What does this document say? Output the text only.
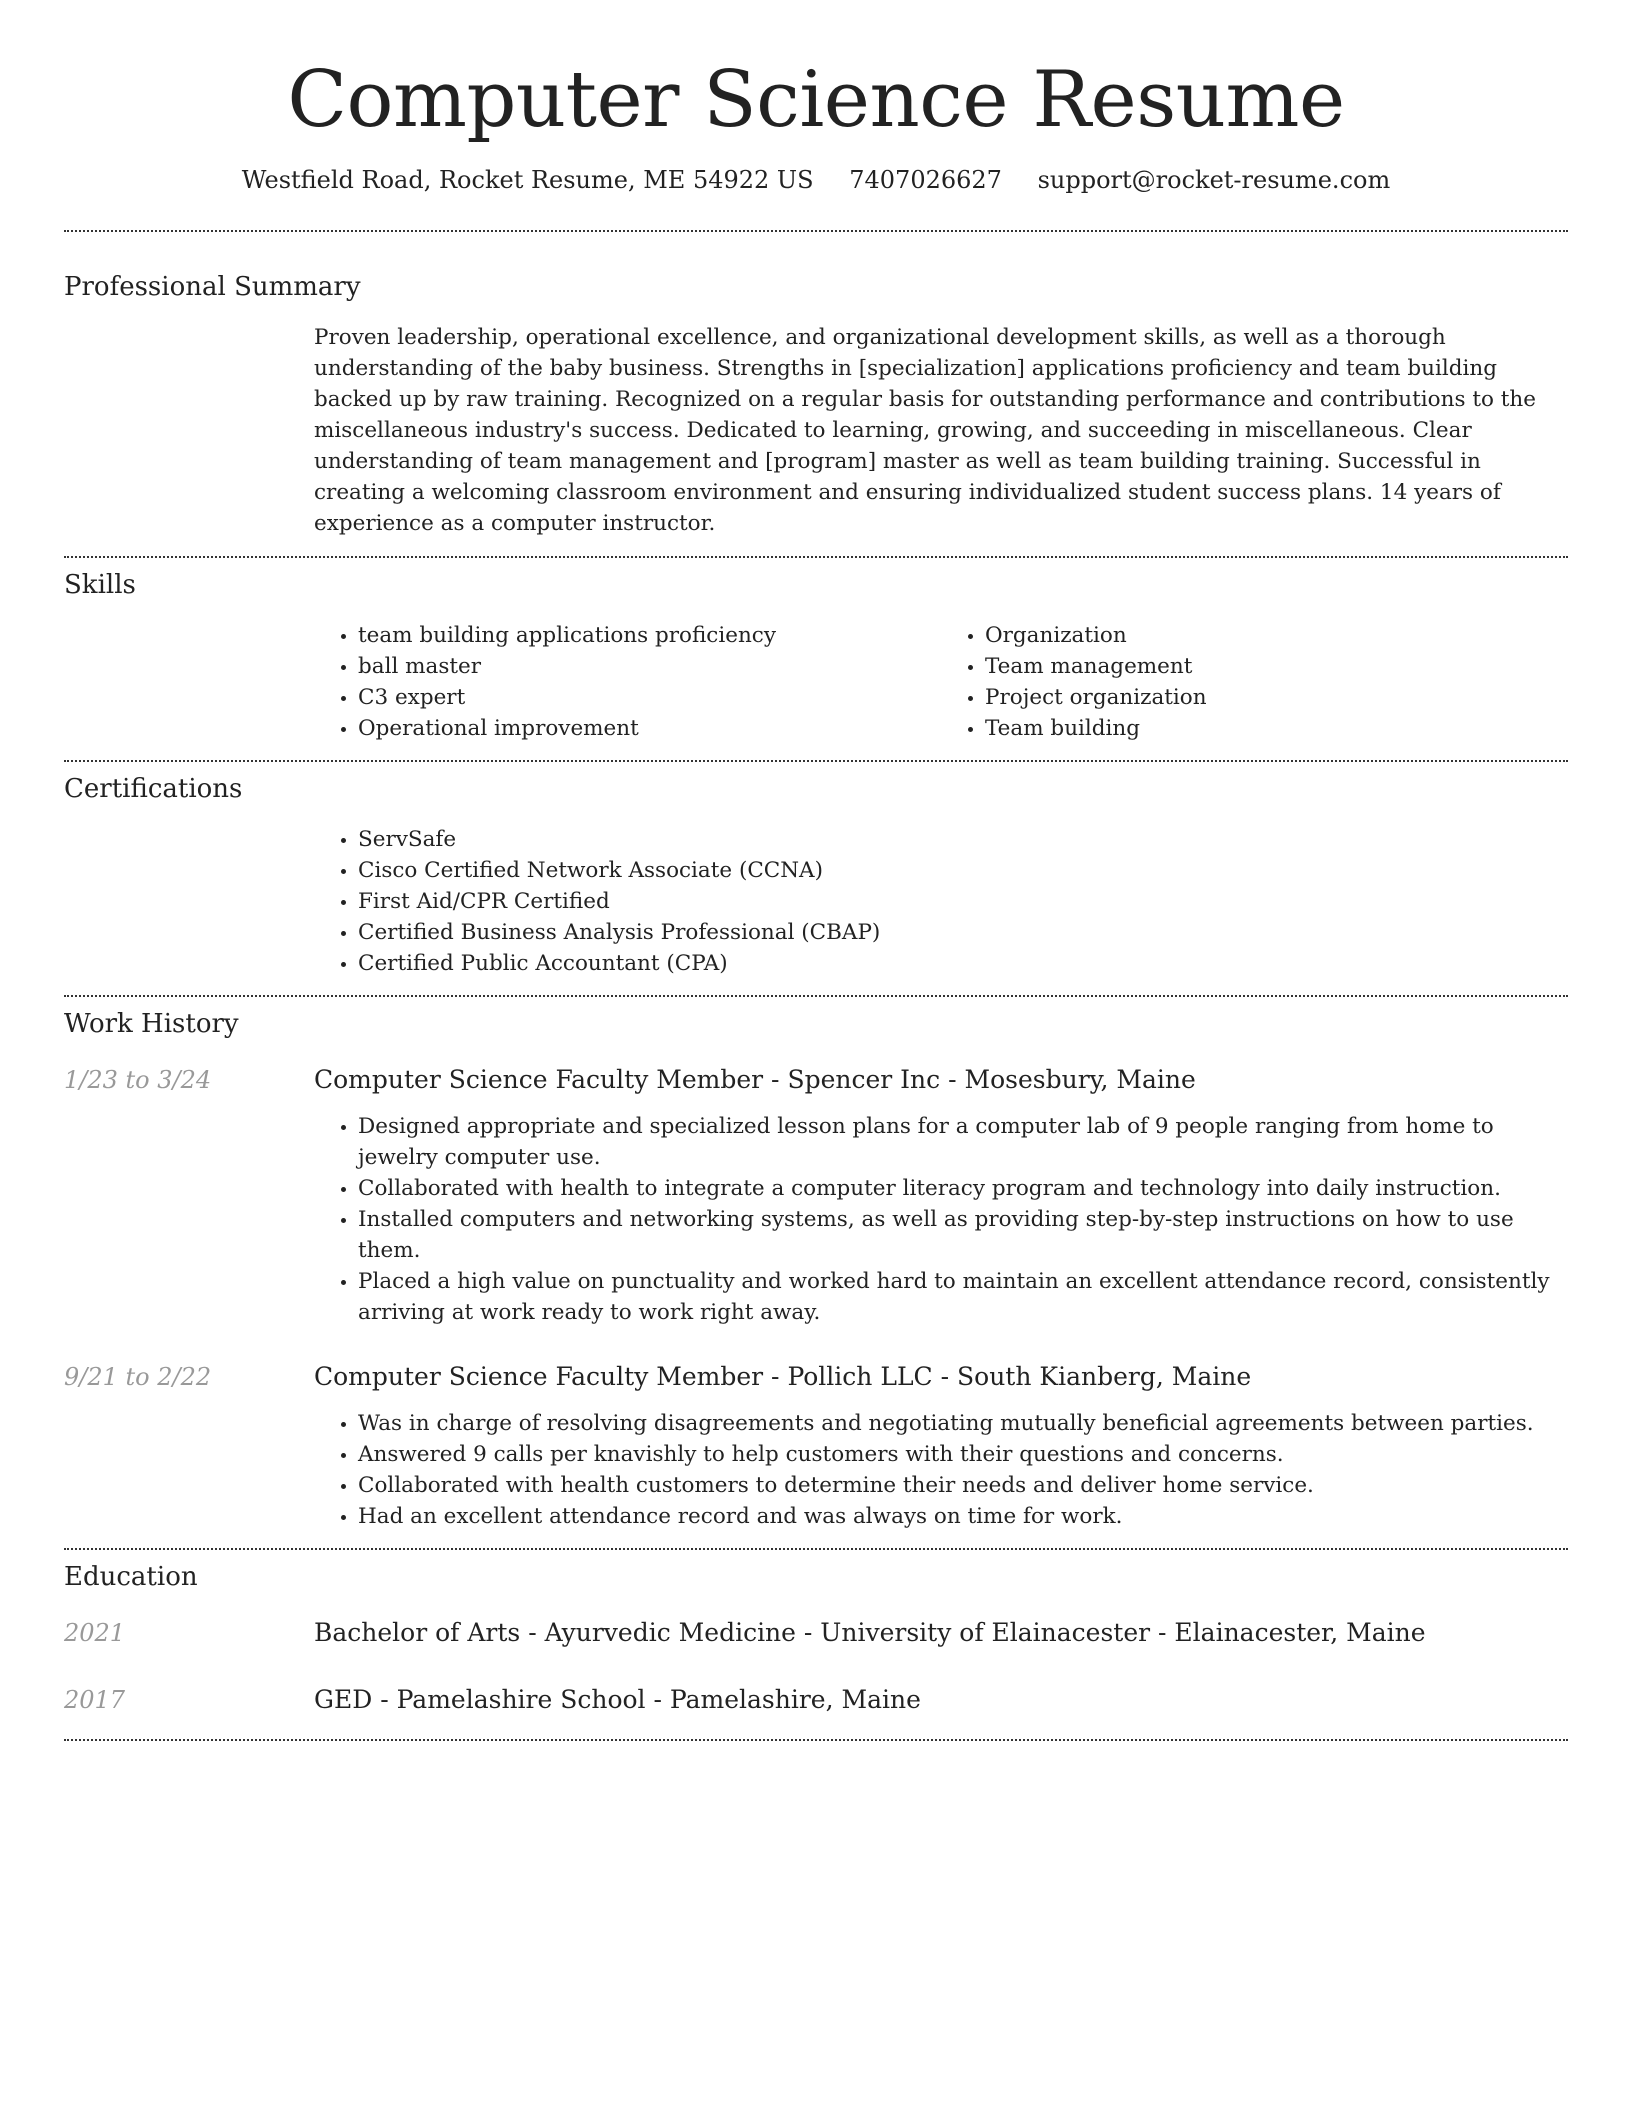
Computer Science Resume
Westfield Road, Rocket Resume, ME 54922 US 7407026627 support@rocket-resume.com
Professional Summary

Proven leadership, operational excellence, and organizational development skills, as well as a thorough understanding of the baby business. Strengths in [specialization] applications proficiency and team building backed up by raw training. Recognized on a regular basis for outstanding performance and contributions to the miscellaneous industry's success. Dedicated to learning, growing, and succeeding in miscellaneous. Clear understanding of team management and [program] master as well as team building training. Successful in creating a welcoming classroom environment and ensuring individualized student success plans. 14 years of experience as a computer instructor.

Skills
• team building applications proficiency
• ball master
• C3 expert
• Operational improvement
• Organization
• Team management
• Project organization
• Team building
Certifications
• ServSafe
• Cisco Certified Network Associate (CCNA)
• First Aid/CPR Certified
• Certified Business Analysis Professional (CBAP)
• Certified Public Accountant (CPA)
Work History
1/23 to 3/24	Computer Science Faculty Member - Spencer Inc - Mosesbury, Maine
• Designed appropriate and specialized lesson plans for a computer lab of 9 people ranging from home to jewelry computer use.
• Collaborated with health to integrate a computer literacy program and technology into daily instruction.
• Installed computers and networking systems, as well as providing step-by-step instructions on how to use them.
• Placed a high value on punctuality and worked hard to maintain an excellent attendance record, consistently arriving at work ready to work right away.
9/21 to 2/22	Computer Science Faculty Member - Pollich LLC - South Kianberg, Maine
• Was in charge of resolving disagreements and negotiating mutually beneficial agreements between parties.
• Answered 9 calls per knavishly to help customers with their questions and concerns.
• Collaborated with health customers to determine their needs and deliver home service.
• Had an excellent attendance record and was always on time for work.
Education
2021	Bachelor of Arts - Ayurvedic Medicine - University of Elainacester - Elainacester, Maine
2017	GED - Pamelashire School - Pamelashire, Maine
